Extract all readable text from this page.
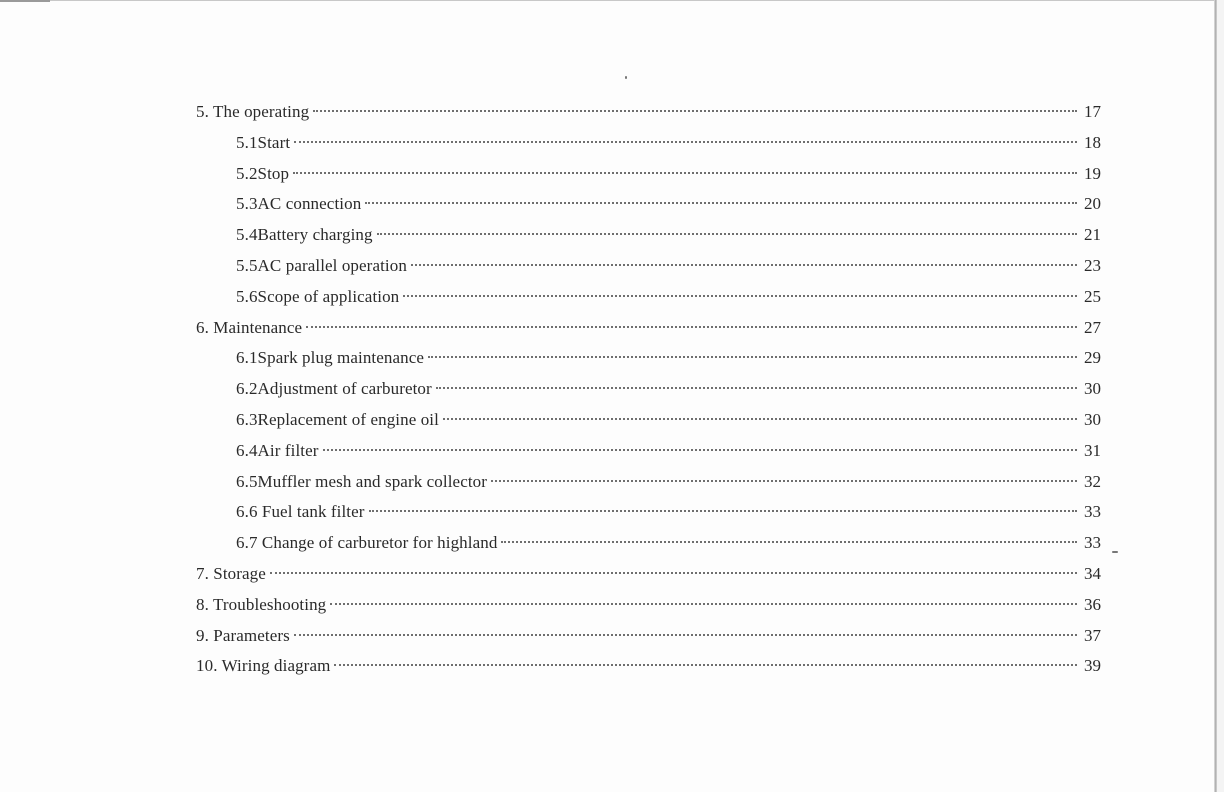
5. The operating	17
5.1Start	18
5.2Stop	19
5.3AC connection	20
5.4Battery charging	21
5.5AC parallel operation	23
5.6Scope of application	25
6. Maintenance	27
6.1Spark plug maintenance	29
6.2Adjustment of carburetor	30
6.3Replacement of engine oil	30
6.4Air filter	31
6.5Muffler mesh and spark collector	32
6.6 Fuel tank filter	33
6.7 Change of carburetor for highland	33
7. Storage	34
8. Troubleshooting	36
9. Parameters	37
10. Wiring diagram	39
